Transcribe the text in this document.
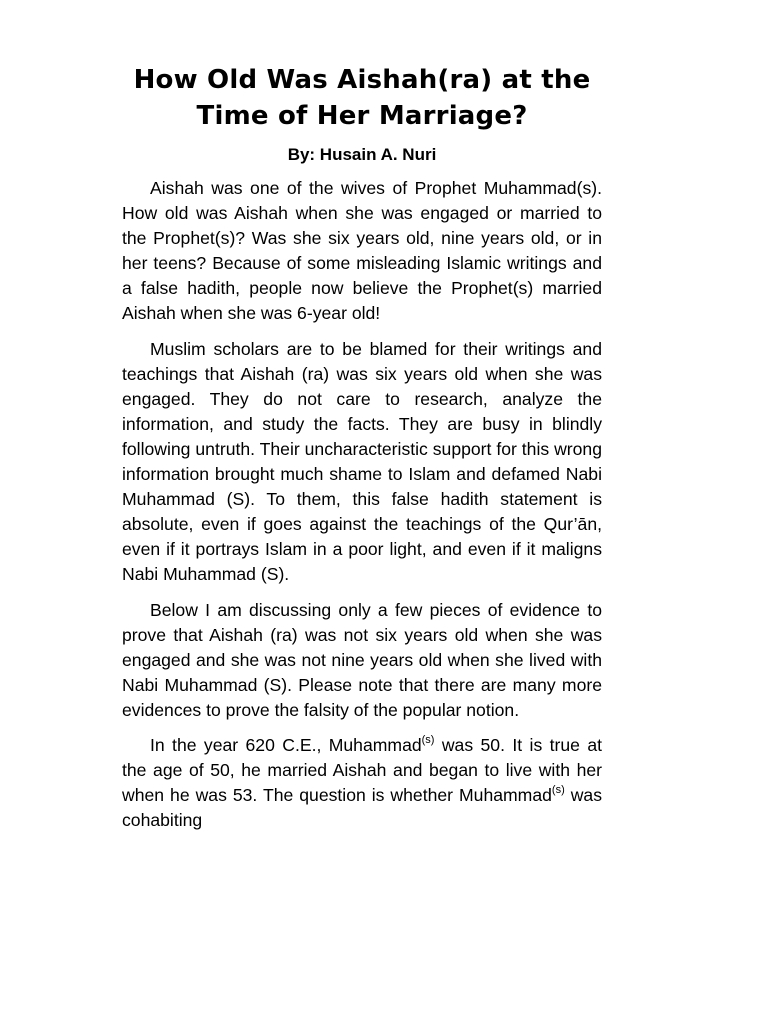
How Old Was Aishah(ra) at the
Time of Her Marriage?
By: Husain A. Nuri

Aishah was one of the wives of Prophet Muhammad(s). How old was Aishah when she was engaged or married to the Prophet(s)? Was she six years old, nine years old, or in her teens? Because of some misleading Islamic writings and a false hadith, people now believe the Prophet(s) married Aishah when she was 6-year old!

Muslim scholars are to be blamed for their writings and teachings that Aishah (ra) was six years old when she was engaged. They do not care to research, analyze the information, and study the facts. They are busy in blindly following untruth. Their uncharacteristic support for this wrong information brought much shame to Islam and defamed Nabi Muhammad (S). To them, this false hadith statement is absolute, even if goes against the teachings of the Qur’ān, even if it portrays Islam in a poor light, and even if it maligns Nabi Muhammad (S).

Below I am discussing only a few pieces of evidence to prove that Aishah (ra) was not six years old when she was engaged and she was not nine years old when she lived with Nabi Muhammad (S). Please note that there are many more evidences to prove the falsity of the popular notion.

In the year 620 C.E., Muhammad$^{(s)}$ was 50. It is true at the age of 50, he married Aishah and began to live with her when he was 53. The question is whether Muhammad$^{(s)}$ was cohabiting
